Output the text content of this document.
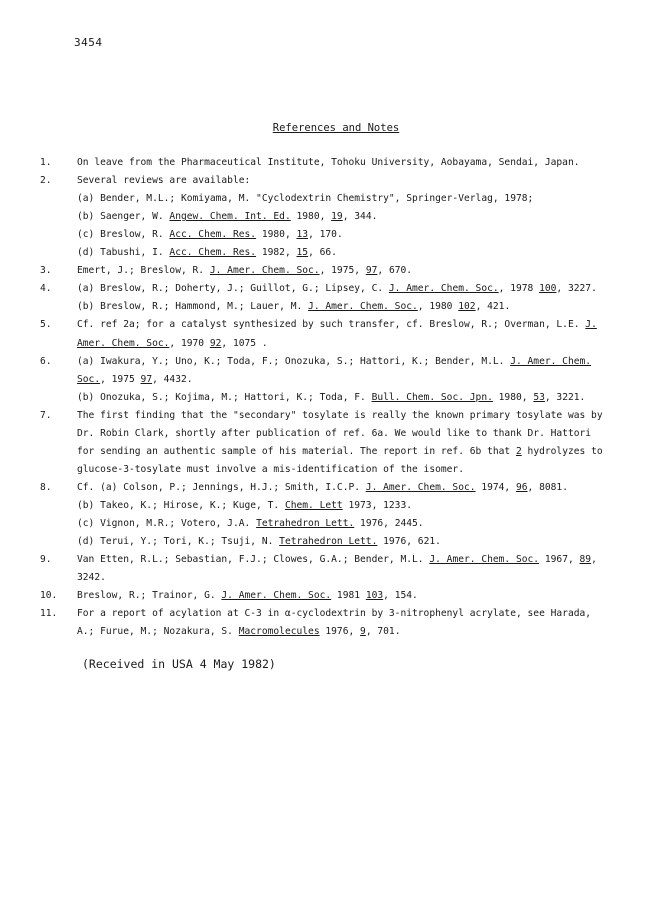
3454
References and Notes
1.	On leave from the Pharmaceutical Institute, Tohoku University, Aobayama, Sendai, Japan.
2.	Several reviews are available:
(a) Bender, M.L.; Komiyama, M. "Cyclodextrin Chemistry", Springer-Verlag, 1978;
(b) Saenger, W. Angew. Chem. Int. Ed. 1980, 19, 344.
(c) Breslow, R. Acc. Chem. Res. 1980, 13, 170.
(d) Tabushi, I. Acc. Chem. Res. 1982, 15, 66.
3.	Emert, J.; Breslow, R. J. Amer. Chem. Soc., 1975, 97, 670.
4.	(a) Breslow, R.; Doherty, J.; Guillot, G.; Lipsey, C. J. Amer. Chem. Soc., 1978 100, 3227.
(b) Breslow, R.; Hammond, M.; Lauer, M. J. Amer. Chem. Soc., 1980 102, 421.
5.	Cf. ref 2a; for a catalyst synthesized by such transfer, cf. Breslow, R.; Overman, L.E. J.
Amer. Chem. Soc., 1970 92, 1075 .
6.	(a) Iwakura, Y.; Uno, K.; Toda, F.; Onozuka, S.; Hattori, K.; Bender, M.L. J. Amer. Chem.
Soc., 1975 97, 4432.
(b) Onozuka, S.; Kojima, M.; Hattori, K.; Toda, F. Bull. Chem. Soc. Jpn. 1980, 53, 3221.
7.	The first finding that the "secondary" tosylate is really the known primary tosylate was by
Dr. Robin Clark, shortly after publication of ref. 6a. We would like to thank Dr. Hattori
for sending an authentic sample of his material. The report in ref. 6b that 2 hydrolyzes to
glucose-3-tosylate must involve a mis-identification of the isomer.
8.	Cf. (a) Colson, P.; Jennings, H.J.; Smith, I.C.P. J. Amer. Chem. Soc. 1974, 96, 8081.
(b) Takeo, K.; Hirose, K.; Kuge, T. Chem. Lett 1973, 1233.
(c) Vignon, M.R.; Votero, J.A. Tetrahedron Lett. 1976, 2445.
(d) Terui, Y.; Tori, K.; Tsuji, N. Tetrahedron Lett. 1976, 621.
9.	Van Etten, R.L.; Sebastian, F.J.; Clowes, G.A.; Bender, M.L. J. Amer. Chem. Soc. 1967, 89,
3242.
10. Breslow, R.; Trainor, G. J. Amer. Chem. Soc. 1981 103, 154.
11. For a report of acylation at C-3 in α-cyclodextrin by 3-nitrophenyl acrylate, see Harada,
A.; Furue, M.; Nozakura, S. Macromolecules 1976, 9, 701.
(Received in USA 4 May 1982)
